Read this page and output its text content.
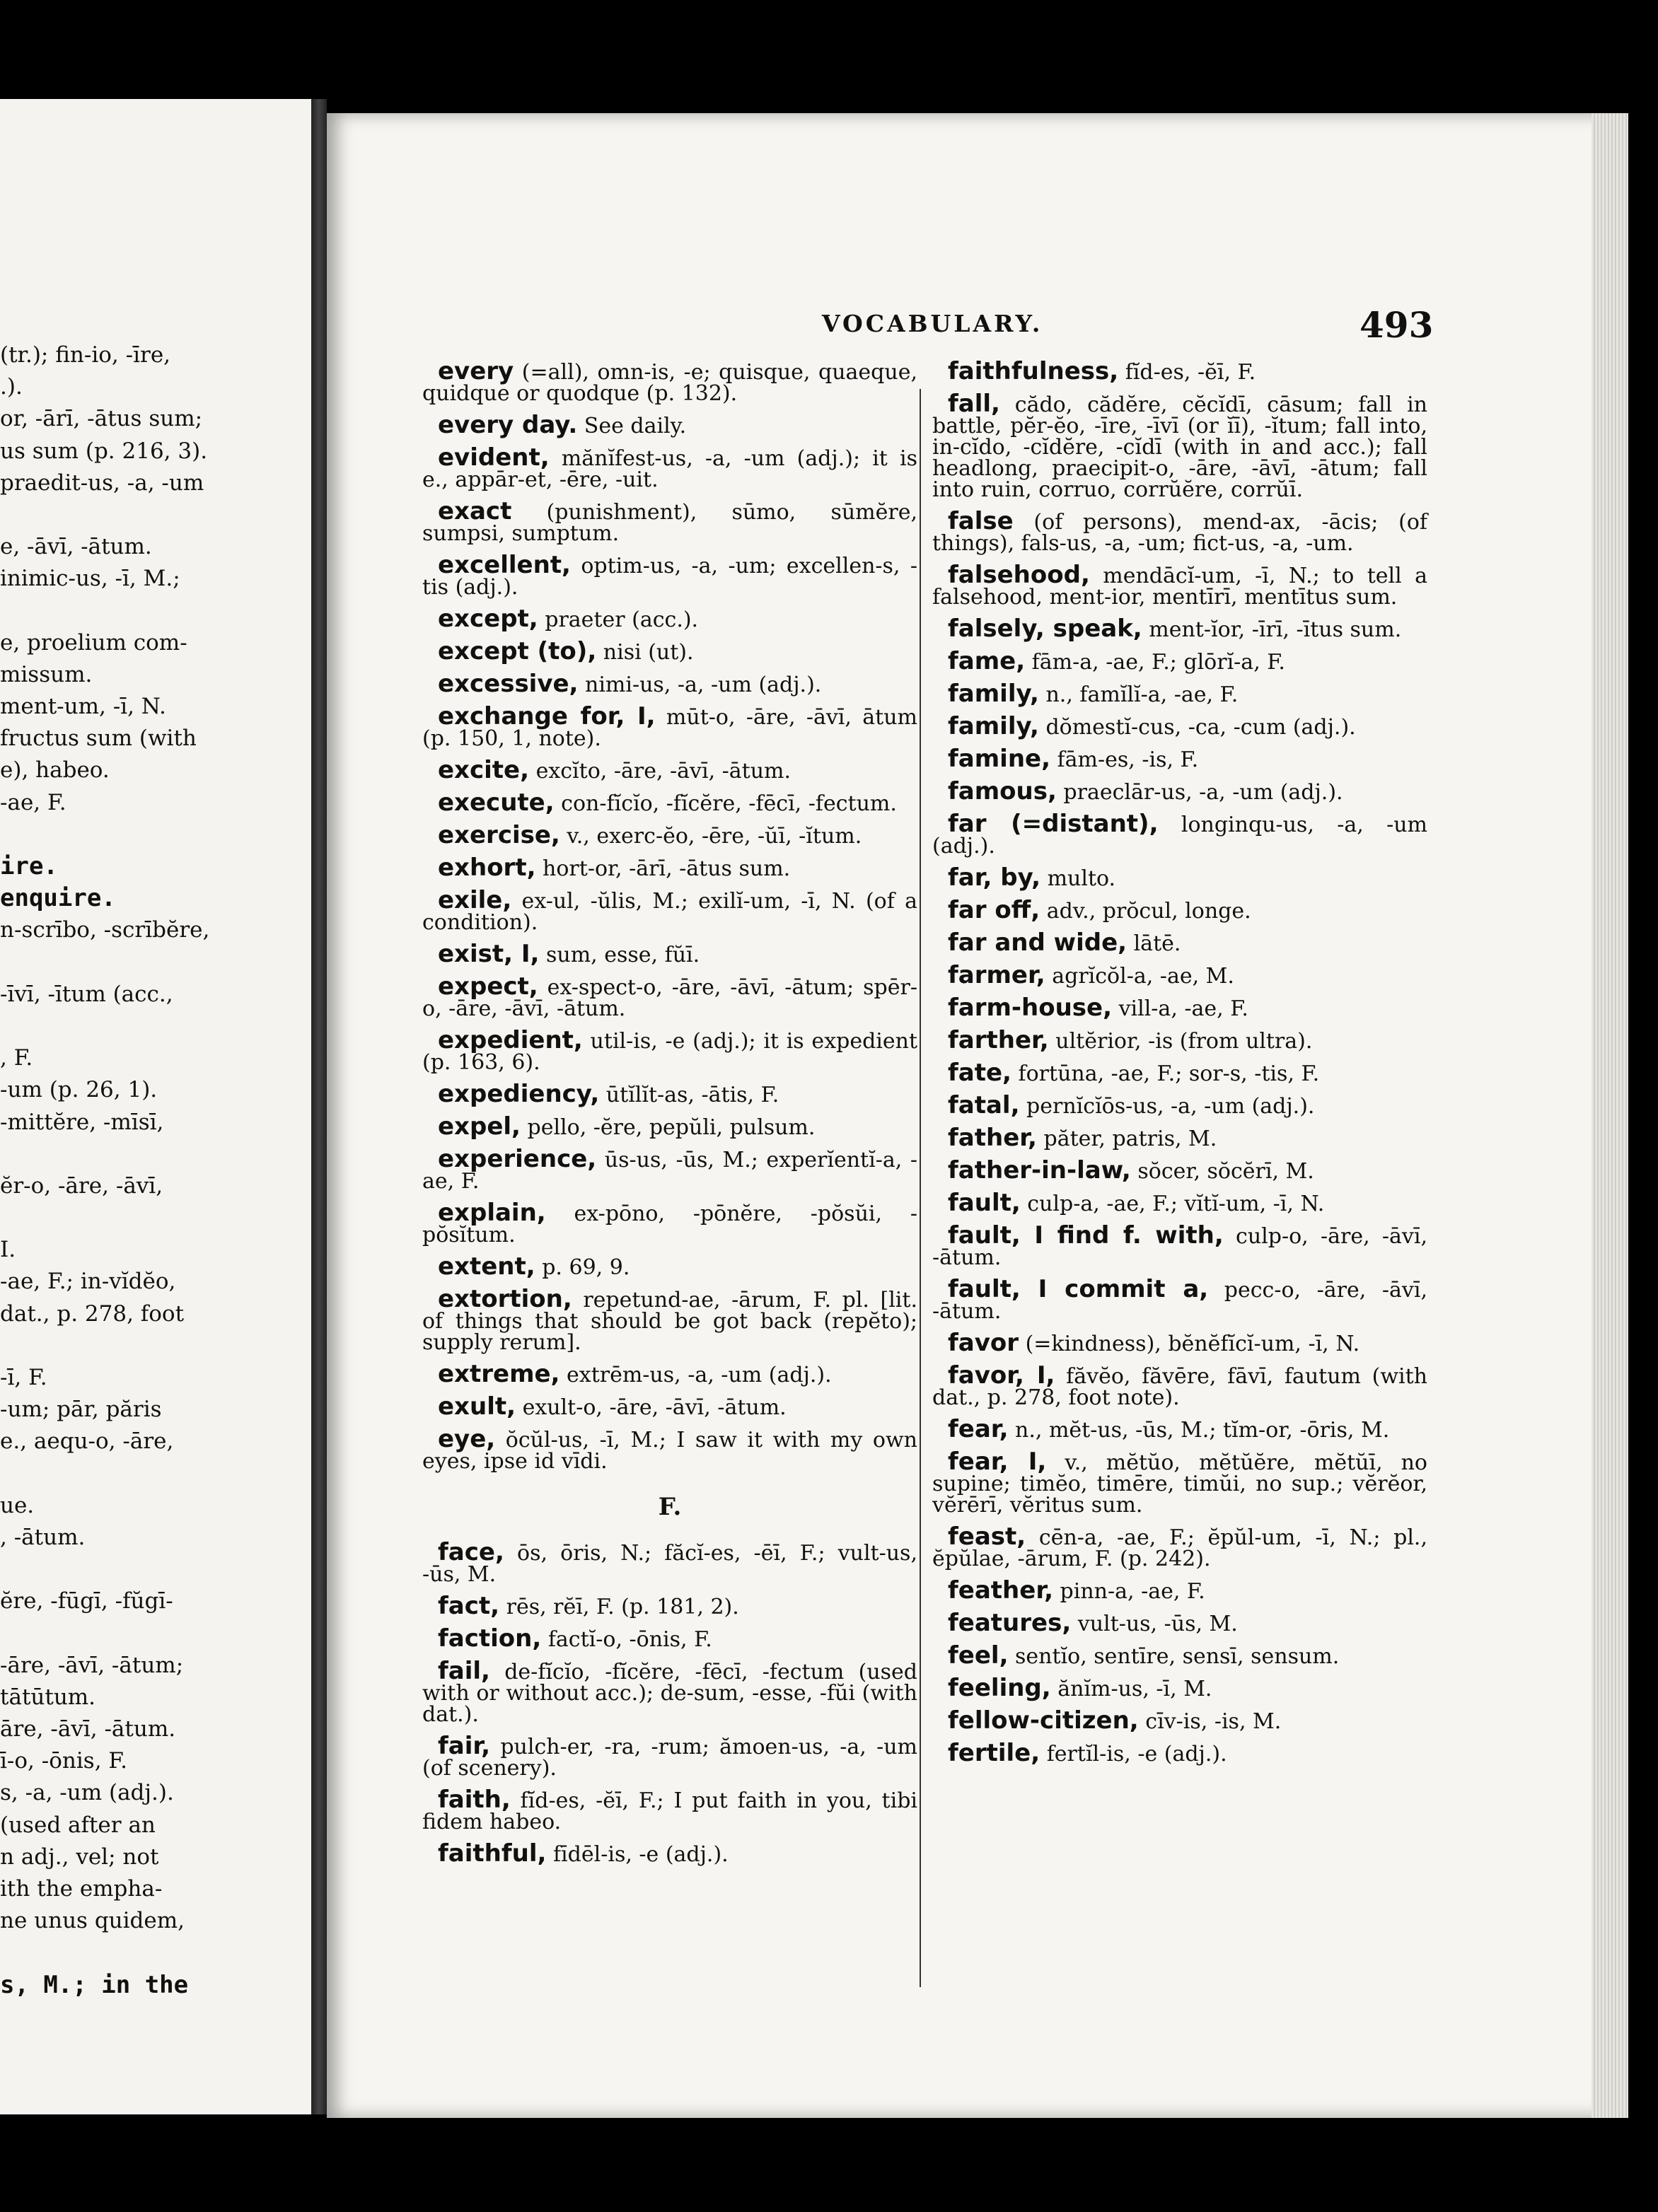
(tr.); fin-io, -īre,
.).
or, -ārī, -ātus sum;
us sum (p. 216, 3).
praedit-us, -a, -um
e, -āvī, -ātum.
inimic-us, -ī, M.;
e, proelium com-
missum.
ment-um, -ī, N.
fructus sum (with
e), habeo.
-ae, F.
ire.
enquire.
n-scrībo, -scrībĕre,
-īvī, -ītum (acc.,
, F.
-um (p. 26, 1).
-mittĕre, -mīsī,
ĕr-o, -āre, -āvī,
I.
-ae, F.; in-vĭdĕo,
dat., p. 278, foot
-ī, F.
-um; pār, păris
e., aequ-o, -āre,
ue.
, -ātum.
ĕre, -fūgī, -fŭgī-
-āre, -āvī, -ātum;
tātūtum.
āre, -āvī, -ātum.
ī-o, -ōnis, F.
s, -a, -um (adj.).
(used after an
n adj., vel; not
ith the empha-
ne unus quidem,
s, M.; in the
VOCABULARY.	493
every (=all), omn-is, -e; quisque, quaeque, quidque or quodque (p. 132).
every day. See daily.
evident, mănĭfest-us, -a, -um (adj.); it is e., appār-et, -ēre, -uit.
exact (punishment), sūmo, sūmĕre, sumpsi, sumptum.
excellent, optim-us, -a, -um; excellen-s, -tis (adj.).
except, praeter (acc.).
except (to), nisi (ut).
excessive, nimi-us, -a, -um (adj.).
exchange for, I, mūt-o, -āre, -āvī, ātum (p. 150, 1, note).
excite, excĭto, -āre, -āvī, -ātum.
execute, con-fĭcĭo, -fĭcĕre, -fēcī, -fectum.
exercise, v., exerc-ĕo, -ēre, -ŭī, -ĭtum.
exhort, hort-or, -ārī, -ātus sum.
exile, ex-ul, -ŭlis, M.; exilĭ-um, -ī, N. (of a condition).
exist, I, sum, esse, fŭī.
expect, ex-spect-o, -āre, -āvī, -ātum; spēr-o, -āre, -āvī, -ātum.
expedient, util-is, -e (adj.); it is expedient (p. 163, 6).
expediency, ūtĭlĭt-as, -ātis, F.
expel, pello, -ĕre, pepŭli, pulsum.
experience, ūs-us, -ūs, M.; experĭentĭ-a, -ae, F.
explain, ex-pōno, -pōnĕre, -pŏsŭi, -pŏsĭtum.
extent, p. 69, 9.
extortion, repetund-ae, -ārum, F. pl. [lit. of things that should be got back (repĕto); supply rerum].
extreme, extrēm-us, -a, -um (adj.).
exult, exult-o, -āre, -āvī, -ātum.
eye, ŏcŭl-us, -ī, M.; I saw it with my own eyes, ipse id vīdi.
F.
face, ōs, ōris, N.; făcĭ-es, -ēī, F.; vult-us, -ūs, M.
fact, rēs, rĕī, F. (p. 181, 2).
faction, factĭ-o, -ōnis, F.
fail, de-fĭcĭo, -fĭcĕre, -fēcī, -fectum (used with or without acc.); de-sum, -esse, -fŭi (with dat.).
fair, pulch-er, -ra, -rum; ămoen-us, -a, -um (of scenery).
faith, fĭd-es, -ĕī, F.; I put faith in you, tibi fidem habeo.
faithful, fīdēl-is, -e (adj.).
faithfulness, fĭd-es, -ĕī, F.
fall, cădo, cădĕre, cĕcĭdī, cāsum; fall in battle, pĕr-ĕo, -īre, -īvī (or ĭī), -ĭtum; fall into, in-cĭdo, -cĭdĕre, -cĭdī (with in and acc.); fall headlong, praecipit-o, -āre, -āvī, -ātum; fall into ruin, corruo, corrŭĕre, corrŭī.
false (of persons), mend-ax, -ācis; (of things), fals-us, -a, -um; fict-us, -a, -um.
falsehood, mendācĭ-um, -ī, N.; to tell a falsehood, ment-ior, mentīrī, mentītus sum.
falsely, speak, ment-ĭor, -īrī, -ītus sum.
fame, fām-a, -ae, F.; glōrĭ-a, F.
family, n., famĭlĭ-a, -ae, F.
family, dŏmestĭ-cus, -ca, -cum (adj.).
famine, fām-es, -is, F.
famous, praeclār-us, -a, -um (adj.).
far (=distant), longinqu-us, -a, -um (adj.).
far, by, multo.
far off, adv., prŏcul, longe.
far and wide, lātē.
farmer, agrĭcŏl-a, -ae, M.
farm-house, vill-a, -ae, F.
farther, ultĕrior, -is (from ultra).
fate, fortūna, -ae, F.; sor-s, -tis, F.
fatal, pernĭcĭōs-us, -a, -um (adj.).
father, păter, patris, M.
father-in-law, sŏcer, sŏcĕrī, M.
fault, culp-a, -ae, F.; vĭtĭ-um, -ī, N.
fault, I find f. with, culp-o, -āre, -āvī, -ātum.
fault, I commit a, pecc-o, -āre, -āvī, -ātum.
favor (=kindness), bĕnĕfĭcĭ-um, -ī, N.
favor, I, făvĕo, făvēre, fāvī, fautum (with dat., p. 278, foot note).
fear, n., mĕt-us, -ūs, M.; tĭm-or, -ōris, M.
fear, I, v., mĕtŭo, mĕtŭĕre, mĕtŭī, no supine; timĕo, timēre, timŭi, no sup.; vĕrĕor, vĕrērī, vĕritus sum.
feast, cēn-a, -ae, F.; ĕpŭl-um, -ī, N.; pl., ĕpŭlae, -ārum, F. (p. 242).
feather, pinn-a, -ae, F.
features, vult-us, -ūs, M.
feel, sentĭo, sentīre, sensī, sensum.
feeling, ănĭm-us, -ī, M.
fellow-citizen, cīv-is, -is, M.
fertile, fertĭl-is, -e (adj.).
